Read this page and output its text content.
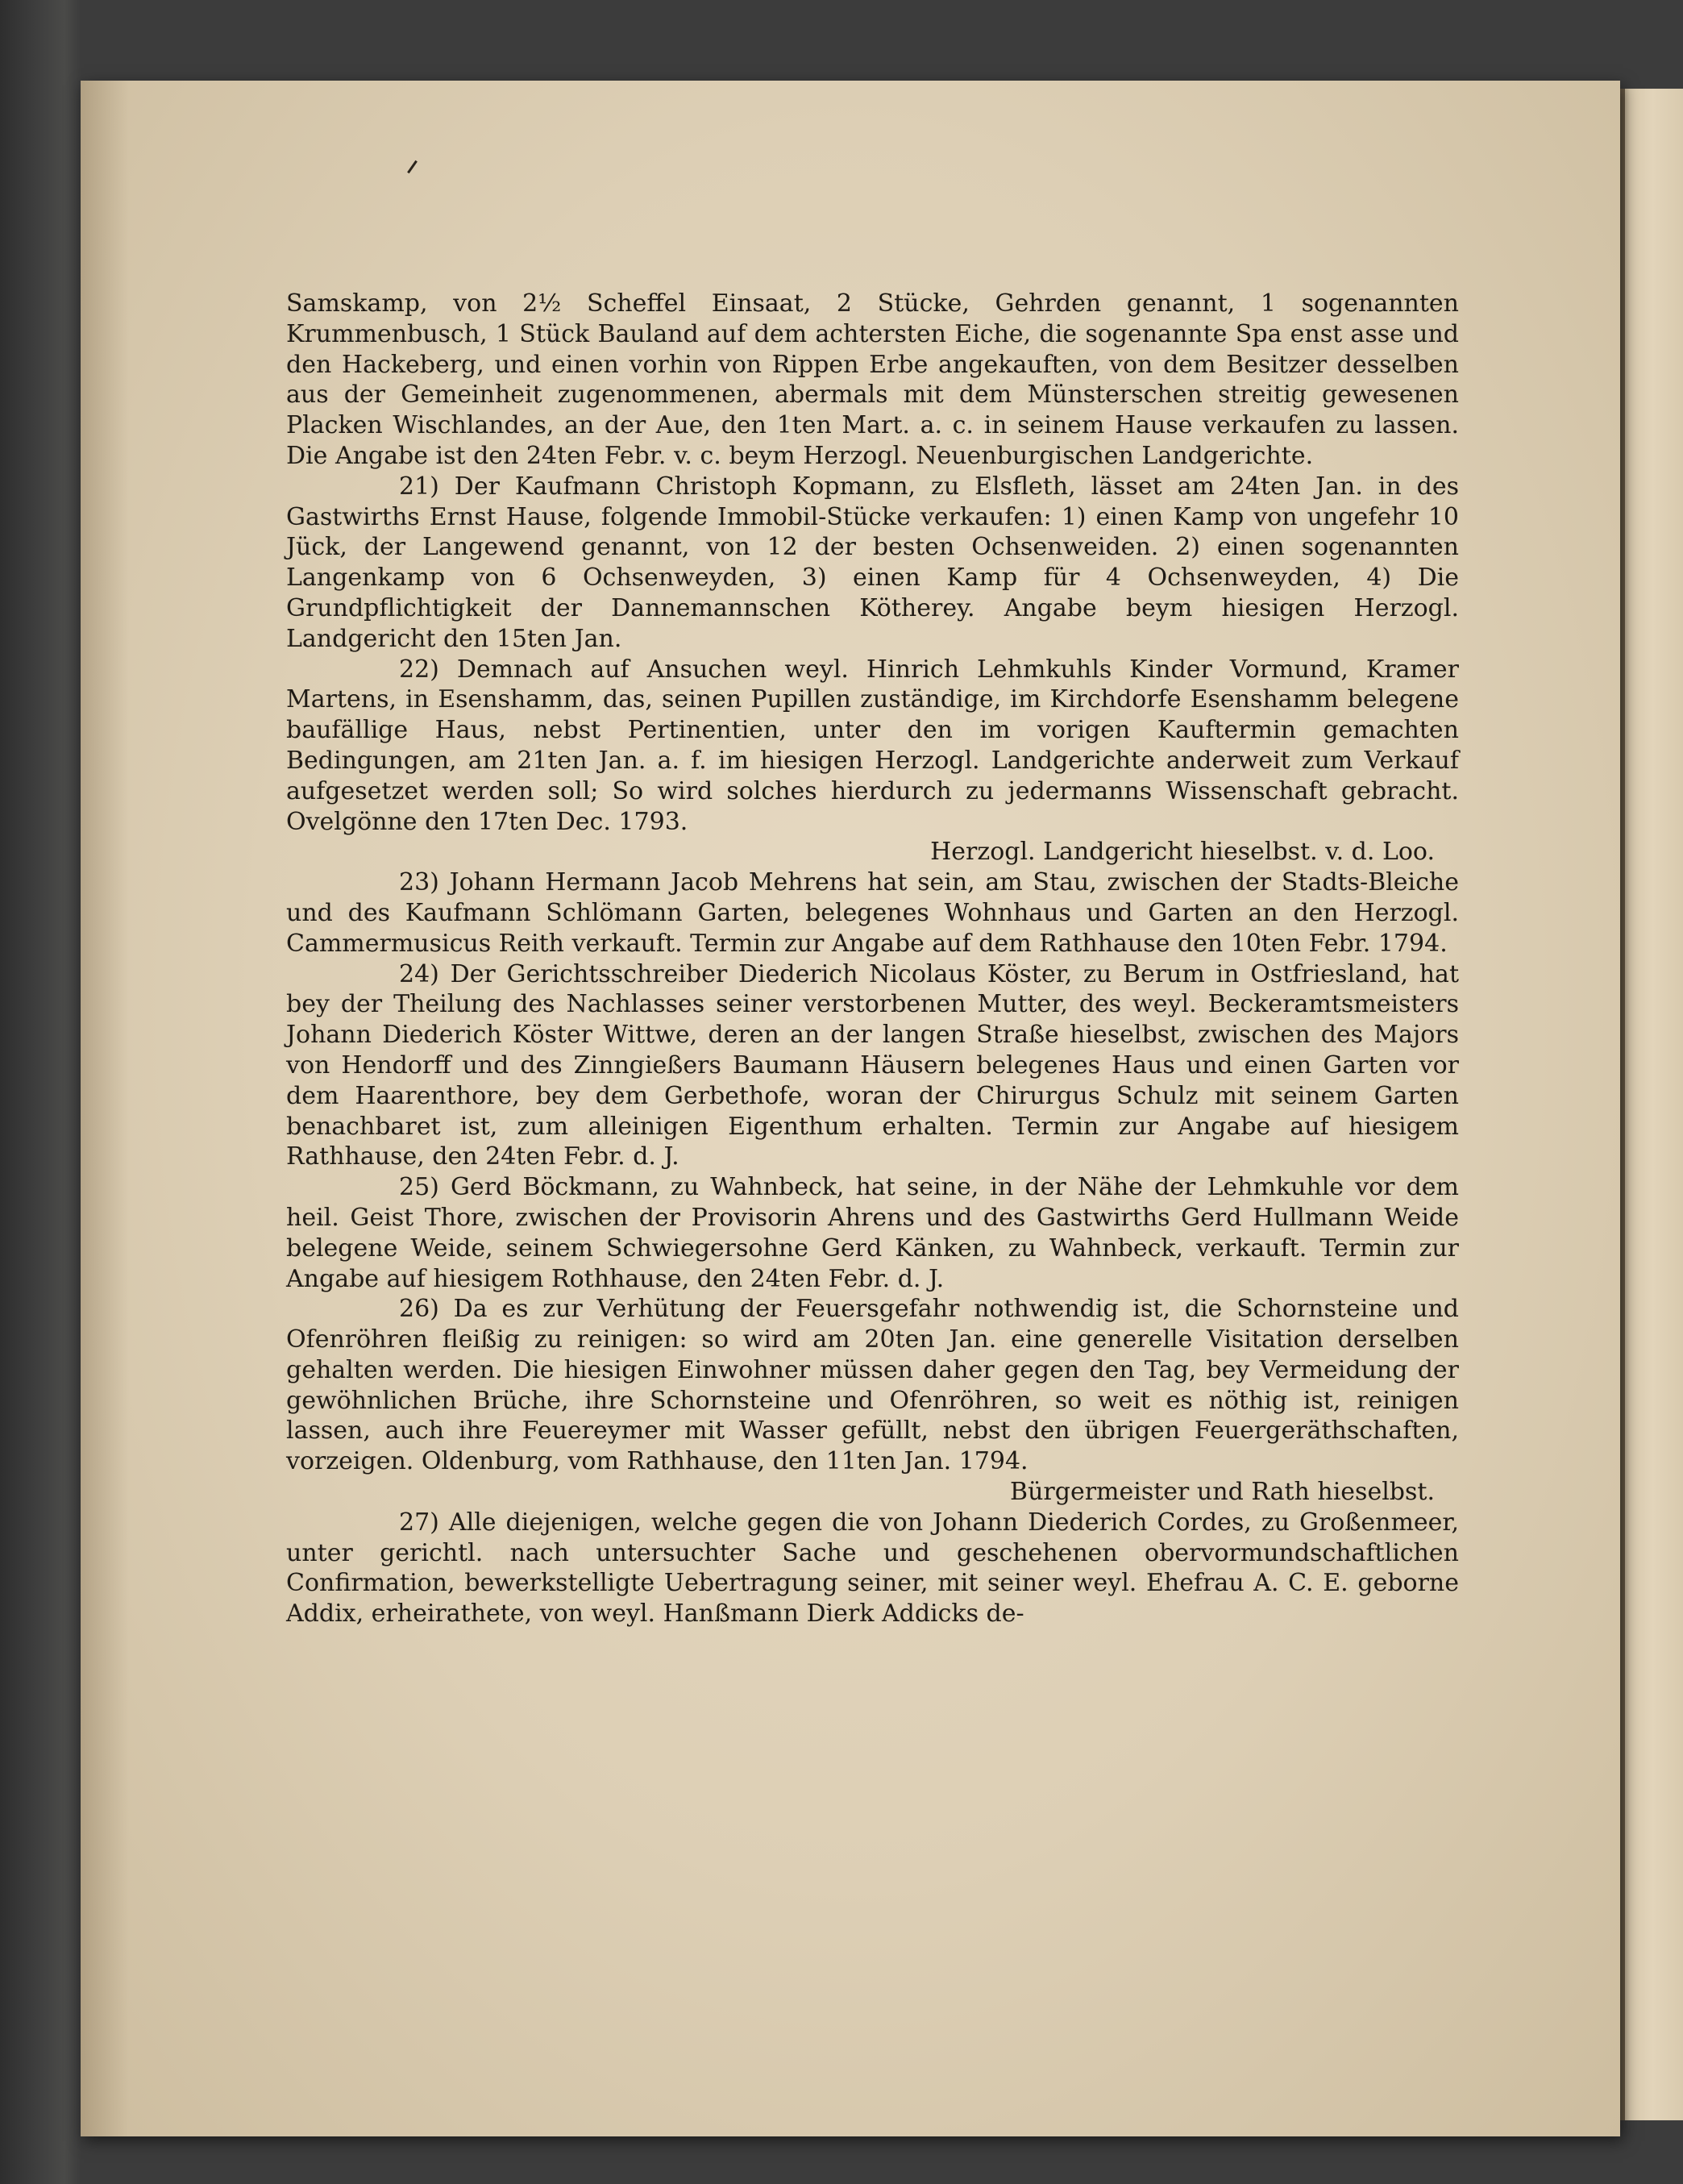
Samskamp, von 2½ Scheffel Einsaat, 2 Stücke, Gehrden genannt, 1 sogenannten Krummenbusch, 1 Stück Bauland auf dem achtersten Eiche, die sogenannte Spa enst asse und den Hackeberg, und einen vorhin von Rippen Erbe angekauften, von dem Besitzer desselben aus der Gemeinheit zugenommenen, abermals mit dem Münsterschen streitig gewesenen Placken Wischlandes, an der Aue, den 1ten Mart. a. c. in seinem Hause verkaufen zu lassen. Die Angabe ist den 24ten Febr. v. c. beym Herzogl. Neuenburgischen Landgerichte.

21) Der Kaufmann Christoph Kopmann, zu Elsfleth, lässet am 24ten Jan. in des Gastwirths Ernst Hause, folgende Immobil-Stücke verkaufen: 1) einen Kamp von ungefehr 10 Jück, der Langewend genannt, von 12 der besten Ochsenweiden. 2) einen sogenannten Langenkamp von 6 Ochsenweyden, 3) einen Kamp für 4 Ochsenweyden, 4) Die Grundpflichtigkeit der Dannemannschen Kötherey. Angabe beym hiesigen Herzogl. Landgericht den 15ten Jan.

22) Demnach auf Ansuchen weyl. Hinrich Lehmkuhls Kinder Vormund, Kramer Martens, in Esenshamm, das, seinen Pupillen zuständige, im Kirchdorfe Esenshamm belegene baufällige Haus, nebst Pertinentien, unter den im vorigen Kauftermin gemachten Bedingungen, am 21ten Jan. a. f. im hiesigen Herzogl. Landgerichte anderweit zum Verkauf aufgesetzet werden soll; So wird solches hierdurch zu jedermanns Wissenschaft gebracht. Ovelgönne den 17ten Dec. 1793.

Herzogl. Landgericht hieselbst. v. d. Loo.

23) Johann Hermann Jacob Mehrens hat sein, am Stau, zwischen der Stadts-Bleiche und des Kaufmann Schlömann Garten, belegenes Wohnhaus und Garten an den Herzogl. Cammermusicus Reith verkauft. Termin zur Angabe auf dem Rathhause den 10ten Febr. 1794.

24) Der Gerichtsschreiber Diederich Nicolaus Köster, zu Berum in Ostfriesland, hat bey der Theilung des Nachlasses seiner verstorbenen Mutter, des weyl. Beckeramtsmeisters Johann Diederich Köster Wittwe, deren an der langen Straße hieselbst, zwischen des Majors von Hendorff und des Zinngießers Baumann Häusern belegenes Haus und einen Garten vor dem Haarenthore, bey dem Gerbethofe, woran der Chirurgus Schulz mit seinem Garten benachbaret ist, zum alleinigen Eigenthum erhalten. Termin zur Angabe auf hiesigem Rathhause, den 24ten Febr. d. J.

25) Gerd Böckmann, zu Wahnbeck, hat seine, in der Nähe der Lehmkuhle vor dem heil. Geist Thore, zwischen der Provisorin Ahrens und des Gastwirths Gerd Hullmann Weide belegene Weide, seinem Schwiegersohne Gerd Känken, zu Wahnbeck, verkauft. Termin zur Angabe auf hiesigem Rothhause, den 24ten Febr. d. J.

26) Da es zur Verhütung der Feuersgefahr nothwendig ist, die Schornsteine und Ofenröhren fleißig zu reinigen: so wird am 20ten Jan. eine generelle Visitation derselben gehalten werden. Die hiesigen Einwohner müssen daher gegen den Tag, bey Vermeidung der gewöhnlichen Brüche, ihre Schornsteine und Ofenröhren, so weit es nöthig ist, reinigen lassen, auch ihre Feuereymer mit Wasser gefüllt, nebst den übrigen Feuergeräthschaften, vorzeigen. Oldenburg, vom Rathhause, den 11ten Jan. 1794.

Bürgermeister und Rath hieselbst.

27) Alle diejenigen, welche gegen die von Johann Diederich Cordes, zu Großenmeer, unter gerichtl. nach untersuchter Sache und geschehenen obervormundschaftlichen Confirmation, bewerkstelligte Uebertragung seiner, mit seiner weyl. Ehefrau A. C. E. geborne Addix, erheirathete, von weyl. Hanßmann Dierk Addicks de-
